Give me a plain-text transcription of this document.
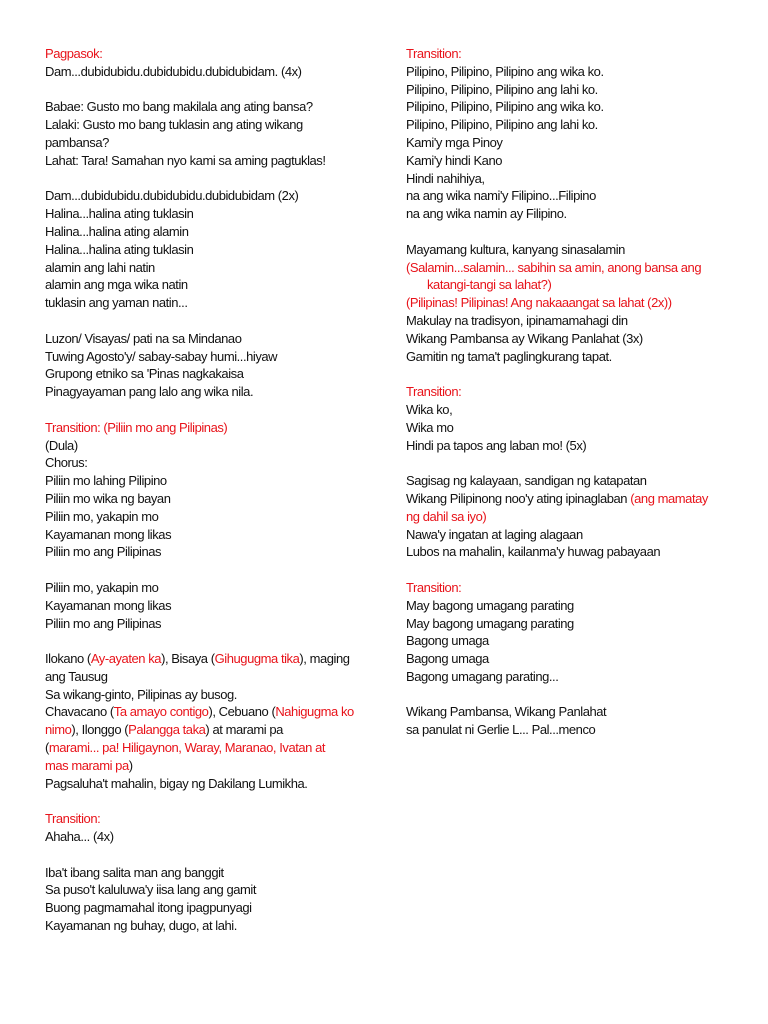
Pagpasok:
Dam...dubidubidu.dubidubidu.dubidubidam. (4x)
Babae: Gusto mo bang makilala ang ating bansa?
Lalaki: Gusto mo bang tuklasin ang ating wikang
pambansa?
Lahat: Tara! Samahan nyo kami sa aming pagtuklas!
Dam...dubidubidu.dubidubidu.dubidubidam (2x)
Halina...halina ating tuklasin
Halina...halina ating alamin
Halina...halina ating tuklasin
alamin ang lahi natin
alamin ang mga wika natin
tuklasin ang yaman natin...
Luzon/ Visayas/ pati na sa Mindanao
Tuwing Agosto'y/ sabay-sabay humi...hiyaw
Grupong etniko sa 'Pinas nagkakaisa
Pinagyayaman pang lalo ang wika nila.
Transition: (Piliin mo ang Pilipinas)
(Dula)
Chorus:
Piliin mo lahing Pilipino
Piliin mo wika ng bayan
Piliin mo, yakapin mo
Kayamanan mong likas
Piliin mo ang Pilipinas
Piliin mo, yakapin mo
Kayamanan mong likas
Piliin mo ang Pilipinas
Ilokano (Ay-ayaten ka), Bisaya (Gihugugma tika), maging
ang Tausug
Sa wikang-ginto, Pilipinas ay busog.
Chavacano (Ta amayo contigo), Cebuano (Nahigugma ko
nimo), Ilonggo (Palangga taka) at marami pa
(marami... pa! Hiligaynon, Waray, Maranao, Ivatan at
mas marami pa)
Pagsaluha't mahalin, bigay ng Dakilang Lumikha.
Transition:
Ahaha... (4x)
Iba't ibang salita man ang banggit
Sa puso't kaluluwa'y iisa lang ang gamit
Buong pagmamahal itong ipagpunyagi
Kayamanan ng buhay, dugo, at lahi.
Transition:
Pilipino, Pilipino, Pilipino ang wika ko.
Pilipino, Pilipino, Pilipino ang lahi ko.
Pilipino, Pilipino, Pilipino ang wika ko.
Pilipino, Pilipino, Pilipino ang lahi ko.
Kami'y mga Pinoy
Kami'y hindi Kano
Hindi nahihiya,
na ang wika nami'y Filipino...Filipino
na ang wika namin ay Filipino.
Mayamang kultura, kanyang sinasalamin
(Salamin...salamin... sabihin sa amin, anong bansa ang
katangi-tangi sa lahat?)
(Pilipinas! Pilipinas! Ang nakaaangat sa lahat (2x))
Makulay na tradisyon, ipinamamahagi din
Wikang Pambansa ay Wikang Panlahat (3x)
Gamitin ng tama't paglingkurang tapat.
Transition:
Wika ko,
Wika mo
Hindi pa tapos ang laban mo! (5x)
Sagisag ng kalayaan, sandigan ng katapatan
Wikang Pilipinong noo'y ating ipinaglaban (ang mamatay
ng dahil sa iyo)
Nawa'y ingatan at laging alagaan
Lubos na mahalin, kailanma'y huwag pabayaan
Transition:
May bagong umagang parating
May bagong umagang parating
Bagong umaga
Bagong umaga
Bagong umagang parating...
Wikang Pambansa, Wikang Panlahat
sa panulat ni Gerlie L... Pal...menco
